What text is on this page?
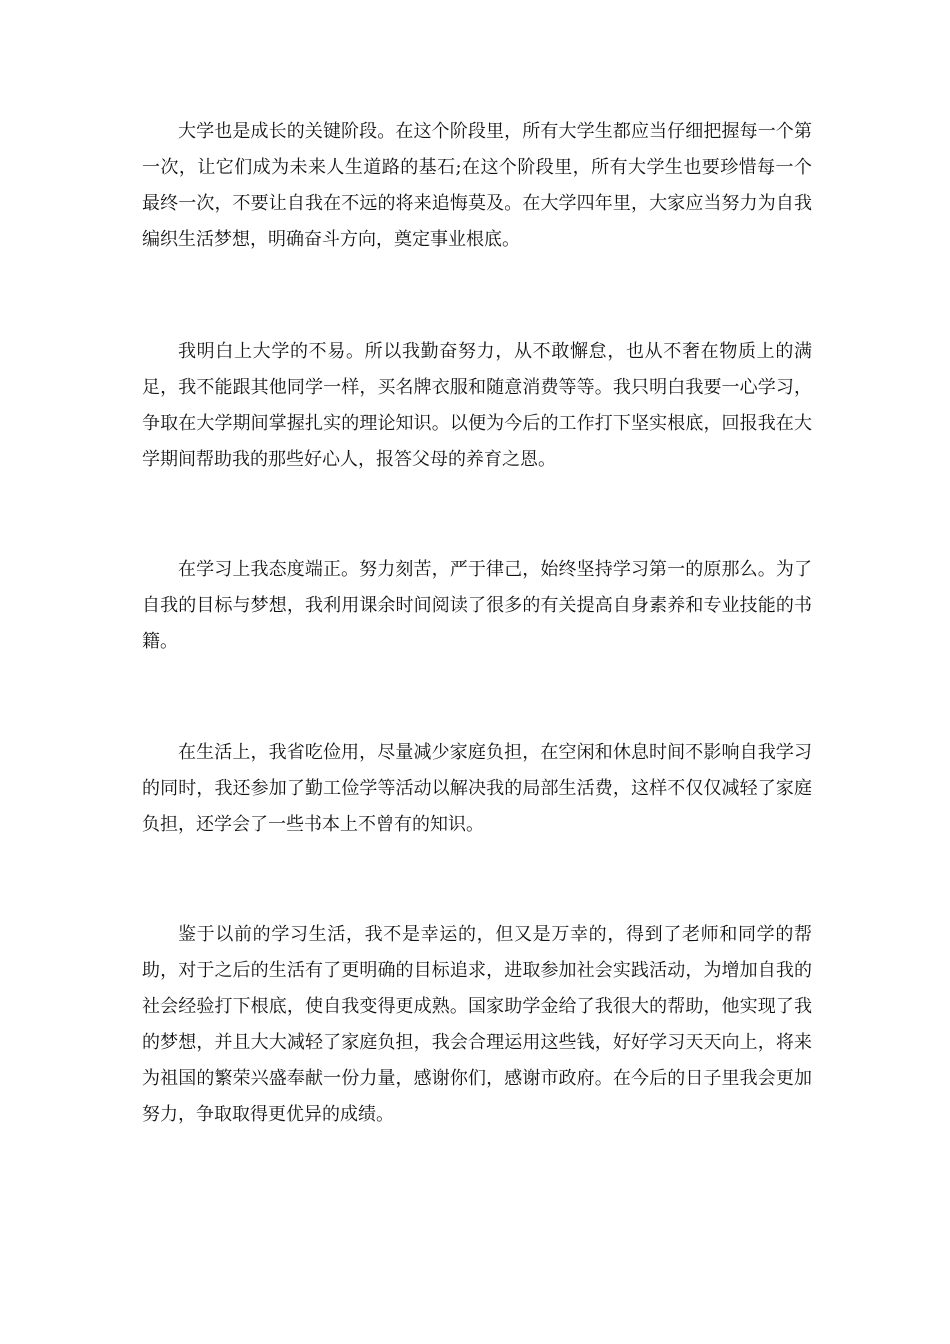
大学也是成长的关键阶段。在这个阶段里，所有大学生都应当仔细把握每一个第一次，让它们成为未来人生道路的基石;在这个阶段里，所有大学生也要珍惜每一个最终一次，不要让自我在不远的将来追悔莫及。在大学四年里，大家应当努力为自我编织生活梦想，明确奋斗方向，奠定事业根底。

我明白上大学的不易。所以我勤奋努力，从不敢懈怠，也从不奢在物质上的满足，我不能跟其他同学一样，买名牌衣服和随意消费等等。我只明白我要一心学习，争取在大学期间掌握扎实的理论知识。以便为今后的工作打下坚实根底，回报我在大学期间帮助我的那些好心人，报答父母的养育之恩。

在学习上我态度端正。努力刻苦，严于律己，始终坚持学习第一的原那么。为了自我的目标与梦想，我利用课余时间阅读了很多的有关提高自身素养和专业技能的书籍。

在生活上，我省吃俭用，尽量减少家庭负担，在空闲和休息时间不影响自我学习的同时，我还参加了勤工俭学等活动以解决我的局部生活费，这样不仅仅减轻了家庭负担，还学会了一些书本上不曾有的知识。

鉴于以前的学习生活，我不是幸运的，但又是万幸的，得到了老师和同学的帮助，对于之后的生活有了更明确的目标追求，进取参加社会实践活动，为增加自我的社会经验打下根底，使自我变得更成熟。国家助学金给了我很大的帮助，他实现了我的梦想，并且大大减轻了家庭负担，我会合理运用这些钱，好好学习天天向上，将来为祖国的繁荣兴盛奉献一份力量，感谢你们，感谢市政府。在今后的日子里我会更加努力，争取取得更优异的成绩。
